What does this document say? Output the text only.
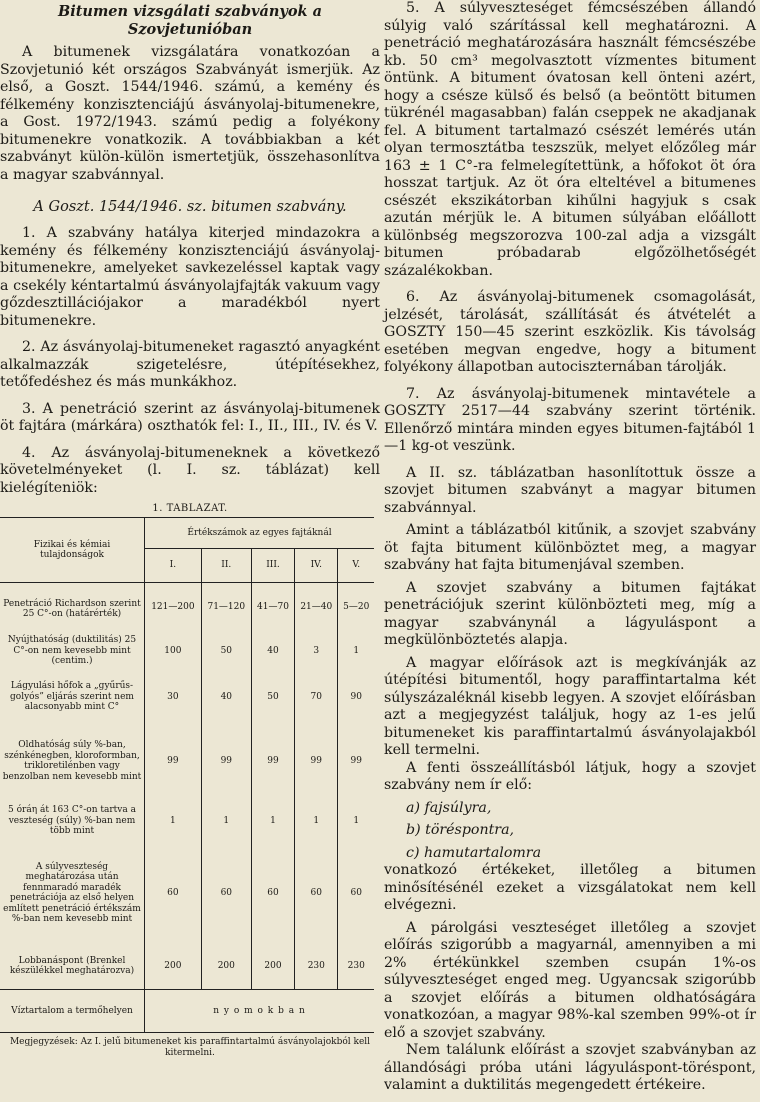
Bitumen vizsgálati szabványok a Szovjetunióban

A bitumenek vizsgálatára vonatkozóan a Szovjetunió két országos Szabványát ismerjük. Az első, a Goszt. 1544/1946. számú, a kemény és félkemény konzisztenciájú ásványolaj-bitumenekre, a Gost. 1972/1943. számú pedig a folyékony bitumenekre vonatkozik. A továbbiakban a két szabványt külön-külön ismertetjük, összehasonlítva a magyar szabvánnyal.

A Goszt. 1544/1946. sz. bitumen szabvány.

1. A szabvány hatálya kiterjed mindazokra a kemény és félkemény konzisztenciájú ásványolaj-bitumenekre, amelyeket savkezeléssel kaptak vagy a csekély kéntartalmú ásványolajfajták vakuum vagy gőzdesztillációjakor a maradékból nyert bitumenekre.

2. Az ásványolaj-bitumeneket ragasztó anyagként alkalmazzák szigetelésre, útépítésekhez, tetőfedéshez és más munkákhoz.

3. A penetráció szerint az ásványolaj-bitumenek öt fajtára (márkára) oszthatók fel: I., II., III., IV. és V.

4. Az ásványolaj-bitumeneknek a következő követelményeket (l. I. sz. táblázat) kell kielégíteniök:

1. TABLAZAT.
Fizikai és kémiai tulajdonságok	Értékszámok az egyes fajtáknál				
	I.	II.	III.	IV.	V.
Penetráció Richardson szerint 25 C°-on (határérték)	121—200	71—120	41—70	21—40	5—20
Nyújthatóság (duktilitás) 25 C°-on nem kevesebb mint (centim.)	100	50	40	3	1
Lágyulási hőfok a „gyűrűs-golyós” eljárás szerint nem alacsonyabb mint C°	30	40	50	70	90
Oldhatóság súly %-ban, szénkénegben, kloroformban, trikloretilénben vagy benzolban nem kevesebb mint	99	99	99	99	99
5 óráη át 163 C°-on tartva a veszteség (súly) %-ban nem több mint	1	1	1	1	1
A súlyveszteség meghatározása után fennmaradó maradék penetrációja az első helyen említett penetráció értékszám %-ban nem kevesebb mint	60	60	60	60	60
Lobbanáspont (Brenkel készülékkel meghatározva)	200	200	200	230	230
Víztartalom a termőhelyen	n y o m o k b a n				
Megjegyzések: Az I. jelű bitumeneket kis paraffintartalmú ásványolajokból kell kitermelni.

5. A súlyveszteséget fémcsészében állandó súlyig való szárítással kell meghatározni. A penetráció meghatározására használt fémcsészébe kb. 50 cm³ megolvasztott vízmentes bitument öntünk. A bitument óvatosan kell önteni azért, hogy a csésze külső és belső (a beöntött bitumen tükrénél magasabban) falán cseppek ne akadjanak fel. A bitument tartalmazó csészét lemérés után olyan termosztátba teszszük, melyet előzőleg már 163 ± 1 C°-ra felmelegítettünk, a hőfokot öt óra hosszat tartjuk. Az öt óra elteltével a bitumenes csészét ekszikátorban kihűlni hagyjuk s csak azután mérjük le. A bitumen súlyában előállott különbség megszorozva 100-zal adja a vizsgált bitumen próbadarab elgőzölhetőségét százalékokban.

6. Az ásványolaj-bitumenek csomagolását, jelzését, tárolását, szállítását és átvételét a GOSZTY 150—45 szerint eszközlik. Kis távolság esetében megvan engedve, hogy a bitument folyékony állapotban autociszternában tárolják.

7. Az ásványolaj-bitumenek mintavétele a GOSZTY 2517—44 szabvány szerint történik. Ellenőrző mintára minden egyes bitumen-fajtából 1—1 kg-ot veszünk.

A II. sz. táblázatban hasonlítottuk össze a szovjet bitumen szabványt a magyar bitumen szabvánnyal.

Amint a táblázatból kitűnik, a szovjet szabvány öt fajta bitument különböztet meg, a magyar szabvány hat fajta bitumenjával szemben.

A szovjet szabvány a bitumen fajtákat penetrációjuk szerint különbözteti meg, míg a magyar szabványnál a lágyuláspont a megkülönböztetés alapja.

A magyar előírások azt is megkívánják az útépítési bitumentől, hogy paraffintartalma két súlyszázaléknál kisebb legyen. A szovjet előírásban azt a megjegyzést találjuk, hogy az 1-es jelű bitumeneket kis paraffintartalmú ásványolajakból kell termelni.

A fenti összeállításból látjuk, hogy a szovjet szabvány nem ír elő:

a) fajsúlyra,

b) töréspontra,

c) hamutartalomra

vonatkozó értékeket, illetőleg a bitumen minősítésénél ezeket a vizsgálatokat nem kell elvégezni.

A párolgási veszteséget illetőleg a szovjet előírás szigorúbb a magyarnál, amennyiben a mi 2% értékünkkel szemben csupán 1%-os súlyveszteséget enged meg. Ugyancsak szigorúbb a szovjet előírás a bitumen oldhatóságára vonatkozóan, a magyar 98%-kal szemben 99%-ot ír elő a szovjet szabvány.

Nem találunk előírást a szovjet szabványban az állandósági próba utáni lágyuláspont-töréspont, valamint a duktilitás megengedett értékeire.
